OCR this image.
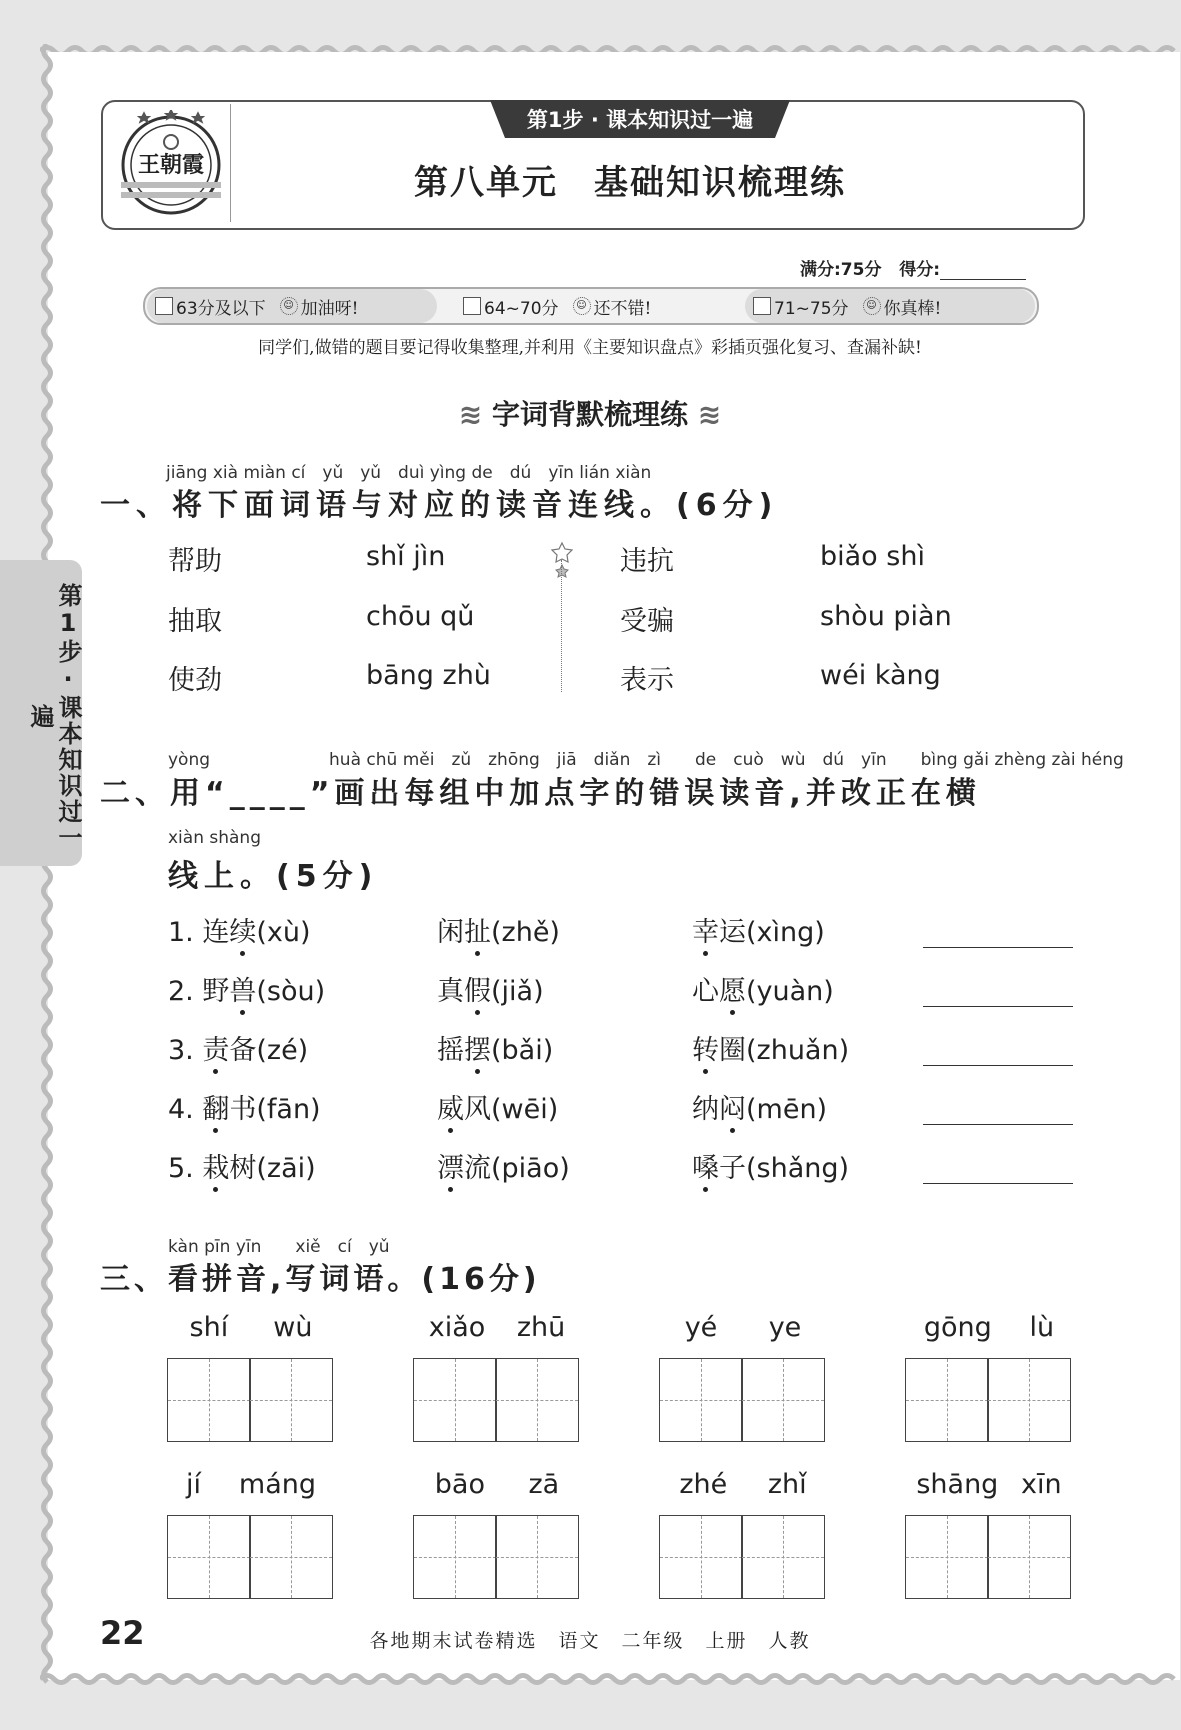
王朝霞
第1步 · 课本知识过一遍
第八单元　基础知识梳理练
满分:75分 得分:
63分及以下	☺ 加油呀!	64~70分	☺ 还不错!	71~75分	☺ 你真棒!
同学们,做错的题目要记得收集整理,并利用《主要知识盘点》彩插页强化复习、查漏补缺!
≋ 字词背默梳理练 ≋
jiāng xià miàn cí　yǔ　yǔ　duì yìng de　dú　yīn lián xiàn
一、将下面词语与对应的读音连线。(6分)
帮助	shǐ jìn
抽取	chōu qǔ
使劲	bāng zhù
违抗	biǎo shì
受骗	shòu piàn
表示	wéi kàng
yòng　　　　　　　huà chū měi　zǔ　zhōng　jiā　diǎn　zì　　de　cuò　wù　dú　yīn　　bìng gǎi zhèng zài héng
二、用“____”画出每组中加点字的错误读音,并改正在横
xiàn shàng
线上。(5分)
1. 连续(xù)	闲扯(zhě)	幸运(xìng)
2. 野兽(sòu)	真假(jiǎ)	心愿(yuàn)
3. 责备(zé)	摇摆(bǎi)	转圈(zhuǎn)
4. 翻书(fān)	威风(wēi)	纳闷(mēn)
5. 栽树(zāi)	漂流(piāo)	嗓子(shǎng)
kàn pīn yīn　　xiě　cí　yǔ
三、看拼音,写词语。(16分)
shí wù	xiǎo zhū	yé ye	gōng lù
jí máng	bāo zā	zhé zhǐ	shāng xīn
第1步·课本知识过一遍
22	各地期末试卷精选　语文　二年级　上册　人教
